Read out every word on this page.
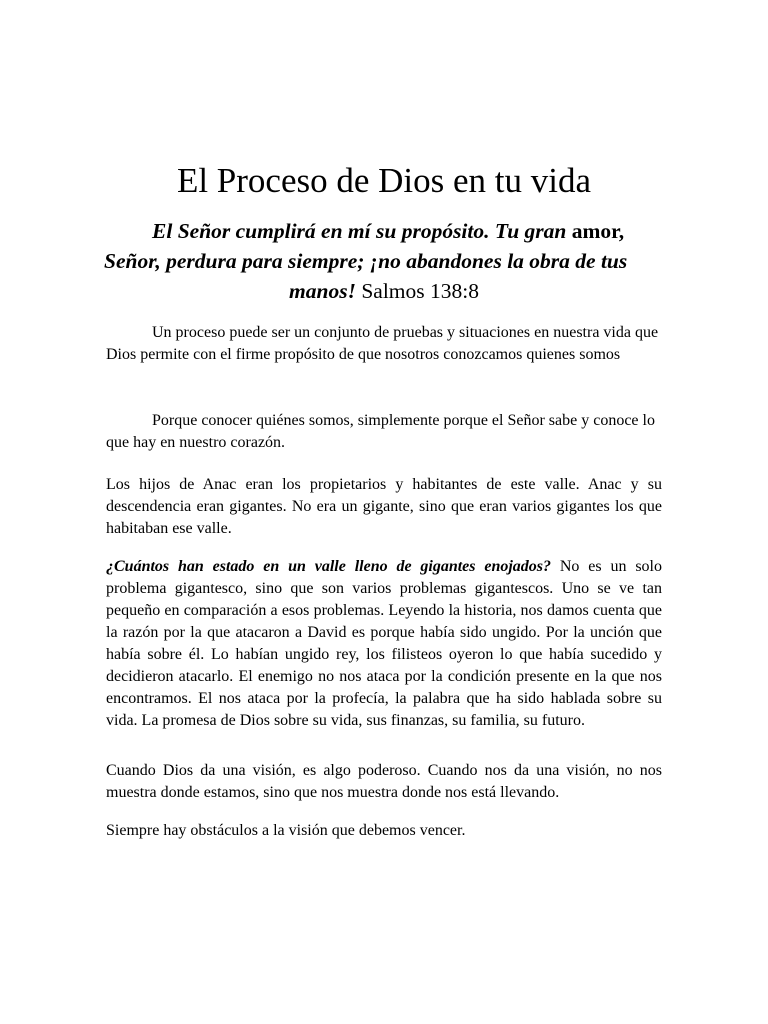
El Proceso de Dios en tu vida
El Señor cumplirá en mí su propósito. Tu gran amor,
Señor, perdura para siempre; ¡no abandones la obra de tus
manos! Salmos 138:8

Un proceso puede ser un conjunto de pruebas y situaciones en nuestra vida que Dios permite con el firme propósito de que nosotros conozcamos quienes somos

Porque conocer quiénes somos, simplemente porque el Señor sabe y conoce lo que hay en nuestro corazón.

Los hijos de Anac eran los propietarios y habitantes de este valle. Anac y su descendencia eran gigantes. No era un gigante, sino que eran varios gigantes los que habitaban ese valle.

¿Cuántos han estado en un valle lleno de gigantes enojados? No es un solo problema gigantesco, sino que son varios problemas gigantescos. Uno se ve tan pequeño en comparación a esos problemas. Leyendo la historia, nos damos cuenta que la razón por la que atacaron a David es porque había sido ungido. Por la unción que había sobre él. Lo habían ungido rey, los filisteos oyeron lo que había sucedido y decidieron atacarlo. El enemigo no nos ataca por la condición presente en la que nos encontramos. El nos ataca por la profecía, la palabra que ha sido hablada sobre su vida. La promesa de Dios sobre su vida, sus finanzas, su familia, su futuro.

Cuando Dios da una visión, es algo poderoso. Cuando nos da una visión, no nos muestra donde estamos, sino que nos muestra donde nos está llevando.

Siempre hay obstáculos a la visión que debemos vencer.
